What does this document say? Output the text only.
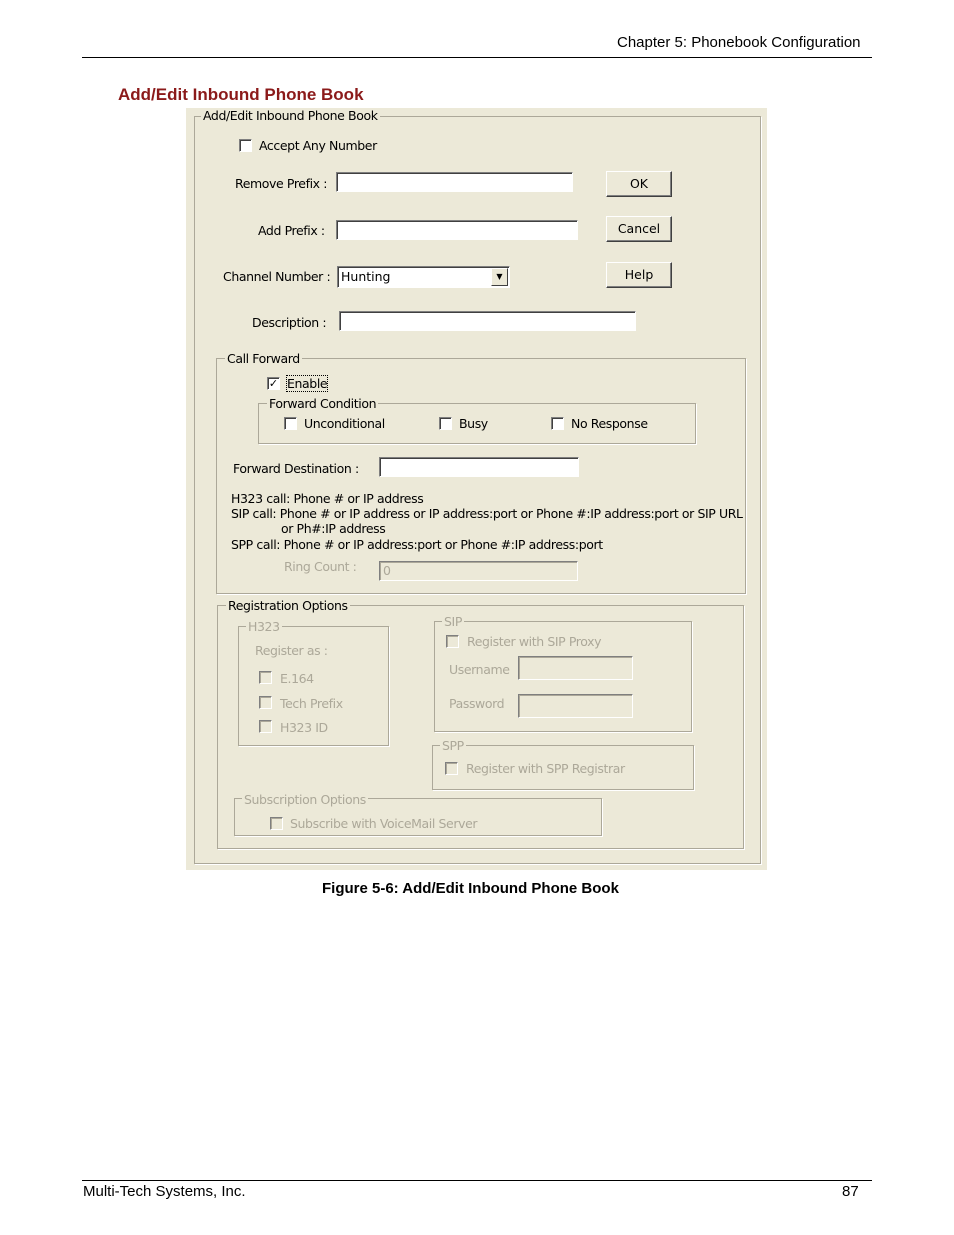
Chapter 5: Phonebook Configuration
Add/Edit Inbound Phone Book
Add/Edit Inbound Phone Book
Accept Any Number
Remove Prefix :
Add Prefix :
Channel Number : Hunting	▼
Description :
OK
Cancel
Help
Call Forward
✓ Enable
Forward Condition
Unconditional	Busy	No Response
Forward Destination :
H323 call: Phone # or IP address
SIP call: Phone # or IP address or IP address:port or Phone #:IP address:port or SIP URL
or Ph#:IP address
SPP call: Phone # or IP address:port or Phone #:IP address:port
Ring Count :	0
Registration Options
H323
Register as :
E.164
Tech Prefix
H323 ID
SIP
Register with SIP Proxy
Username
Password
SPP
Register with SPP Registrar
Subscription Options
Subscribe with VoiceMail Server
Figure 5-6: Add/Edit Inbound Phone Book
Multi-Tech Systems, Inc.	87
